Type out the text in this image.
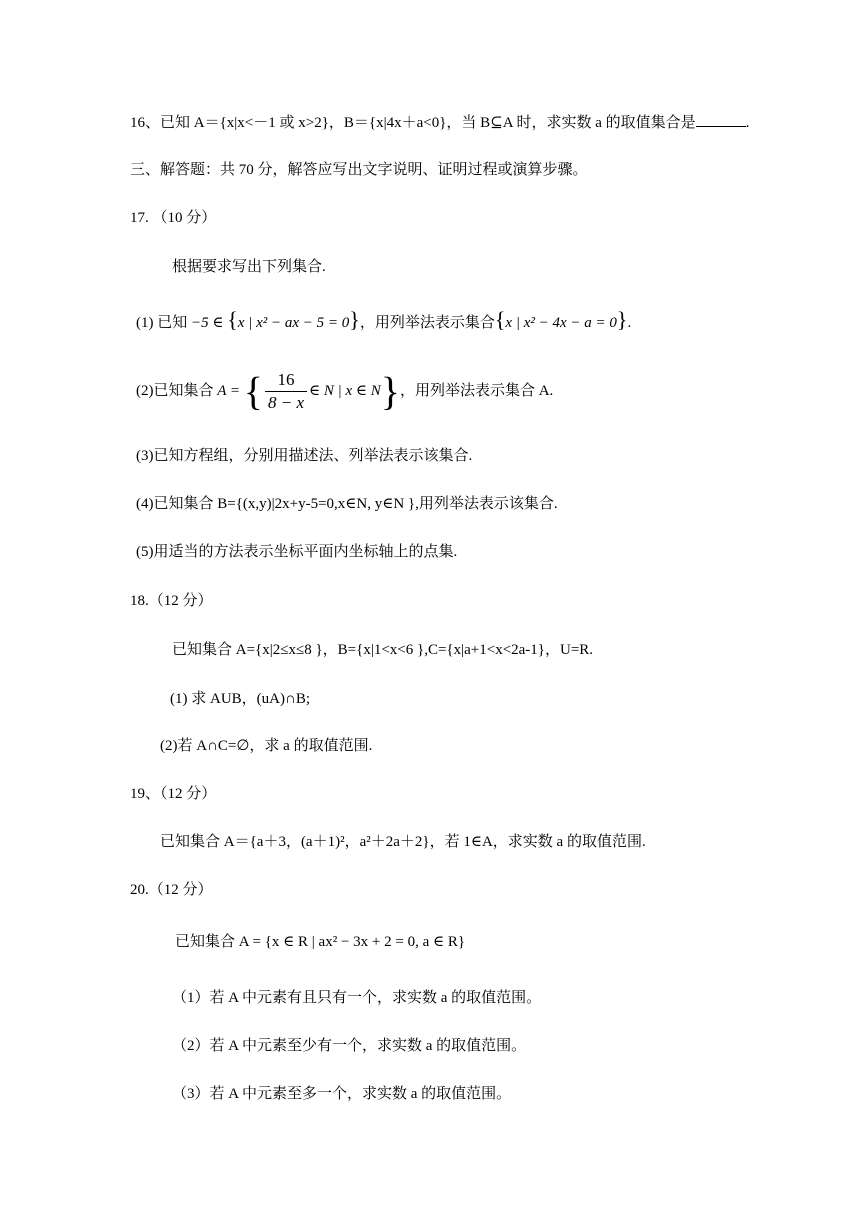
16、已知 A＝{x|x<－1 或 x>2}，B＝{x|4x＋a<0}，当 B⊆A 时，求实数 a 的取值集合是	.
三、解答题：共 70 分，解答应写出文字说明、证明过程或演算步骤。
17. （10 分）
根据要求写出下列集合.
(1) 已知 −5 ∈ {x | x² − ax − 5 = 0}，用列举法表示集合{x | x² − 4x − a = 0}.
(2)已知集合 A = { $\frac{16}{8 - x}$ ∈ N | x ∈ N}，用列举法表示集合 A.
(3)已知方程组，分别用描述法、列举法表示该集合.
(4)已知集合 B={(x,y)|2x+y-5=0,x∈N, y∈N },用列举法表示该集合.
(5)用适当的方法表示坐标平面内坐标轴上的点集.
18.（12 分）
已知集合 A={x|2≤x≤8 }，B={x|1<x<6 },C={x|a+1<x<2a-1}，U=R.
(1) 求 AUB，(uA)∩B;
(2)若 A∩C=∅，求 a 的取值范围.
19、（12 分）
已知集合 A＝{a＋3，(a＋1)²，a²＋2a＋2}，若 1∈A，求实数 a 的取值范围.
20.（12 分）
已知集合 A = {x ∈ R | ax² − 3x + 2 = 0, a ∈ R}
（1）若 A 中元素有且只有一个，求实数 a 的取值范围。
（2）若 A 中元素至少有一个，求实数 a 的取值范围。
（3）若 A 中元素至多一个，求实数 a 的取值范围。
